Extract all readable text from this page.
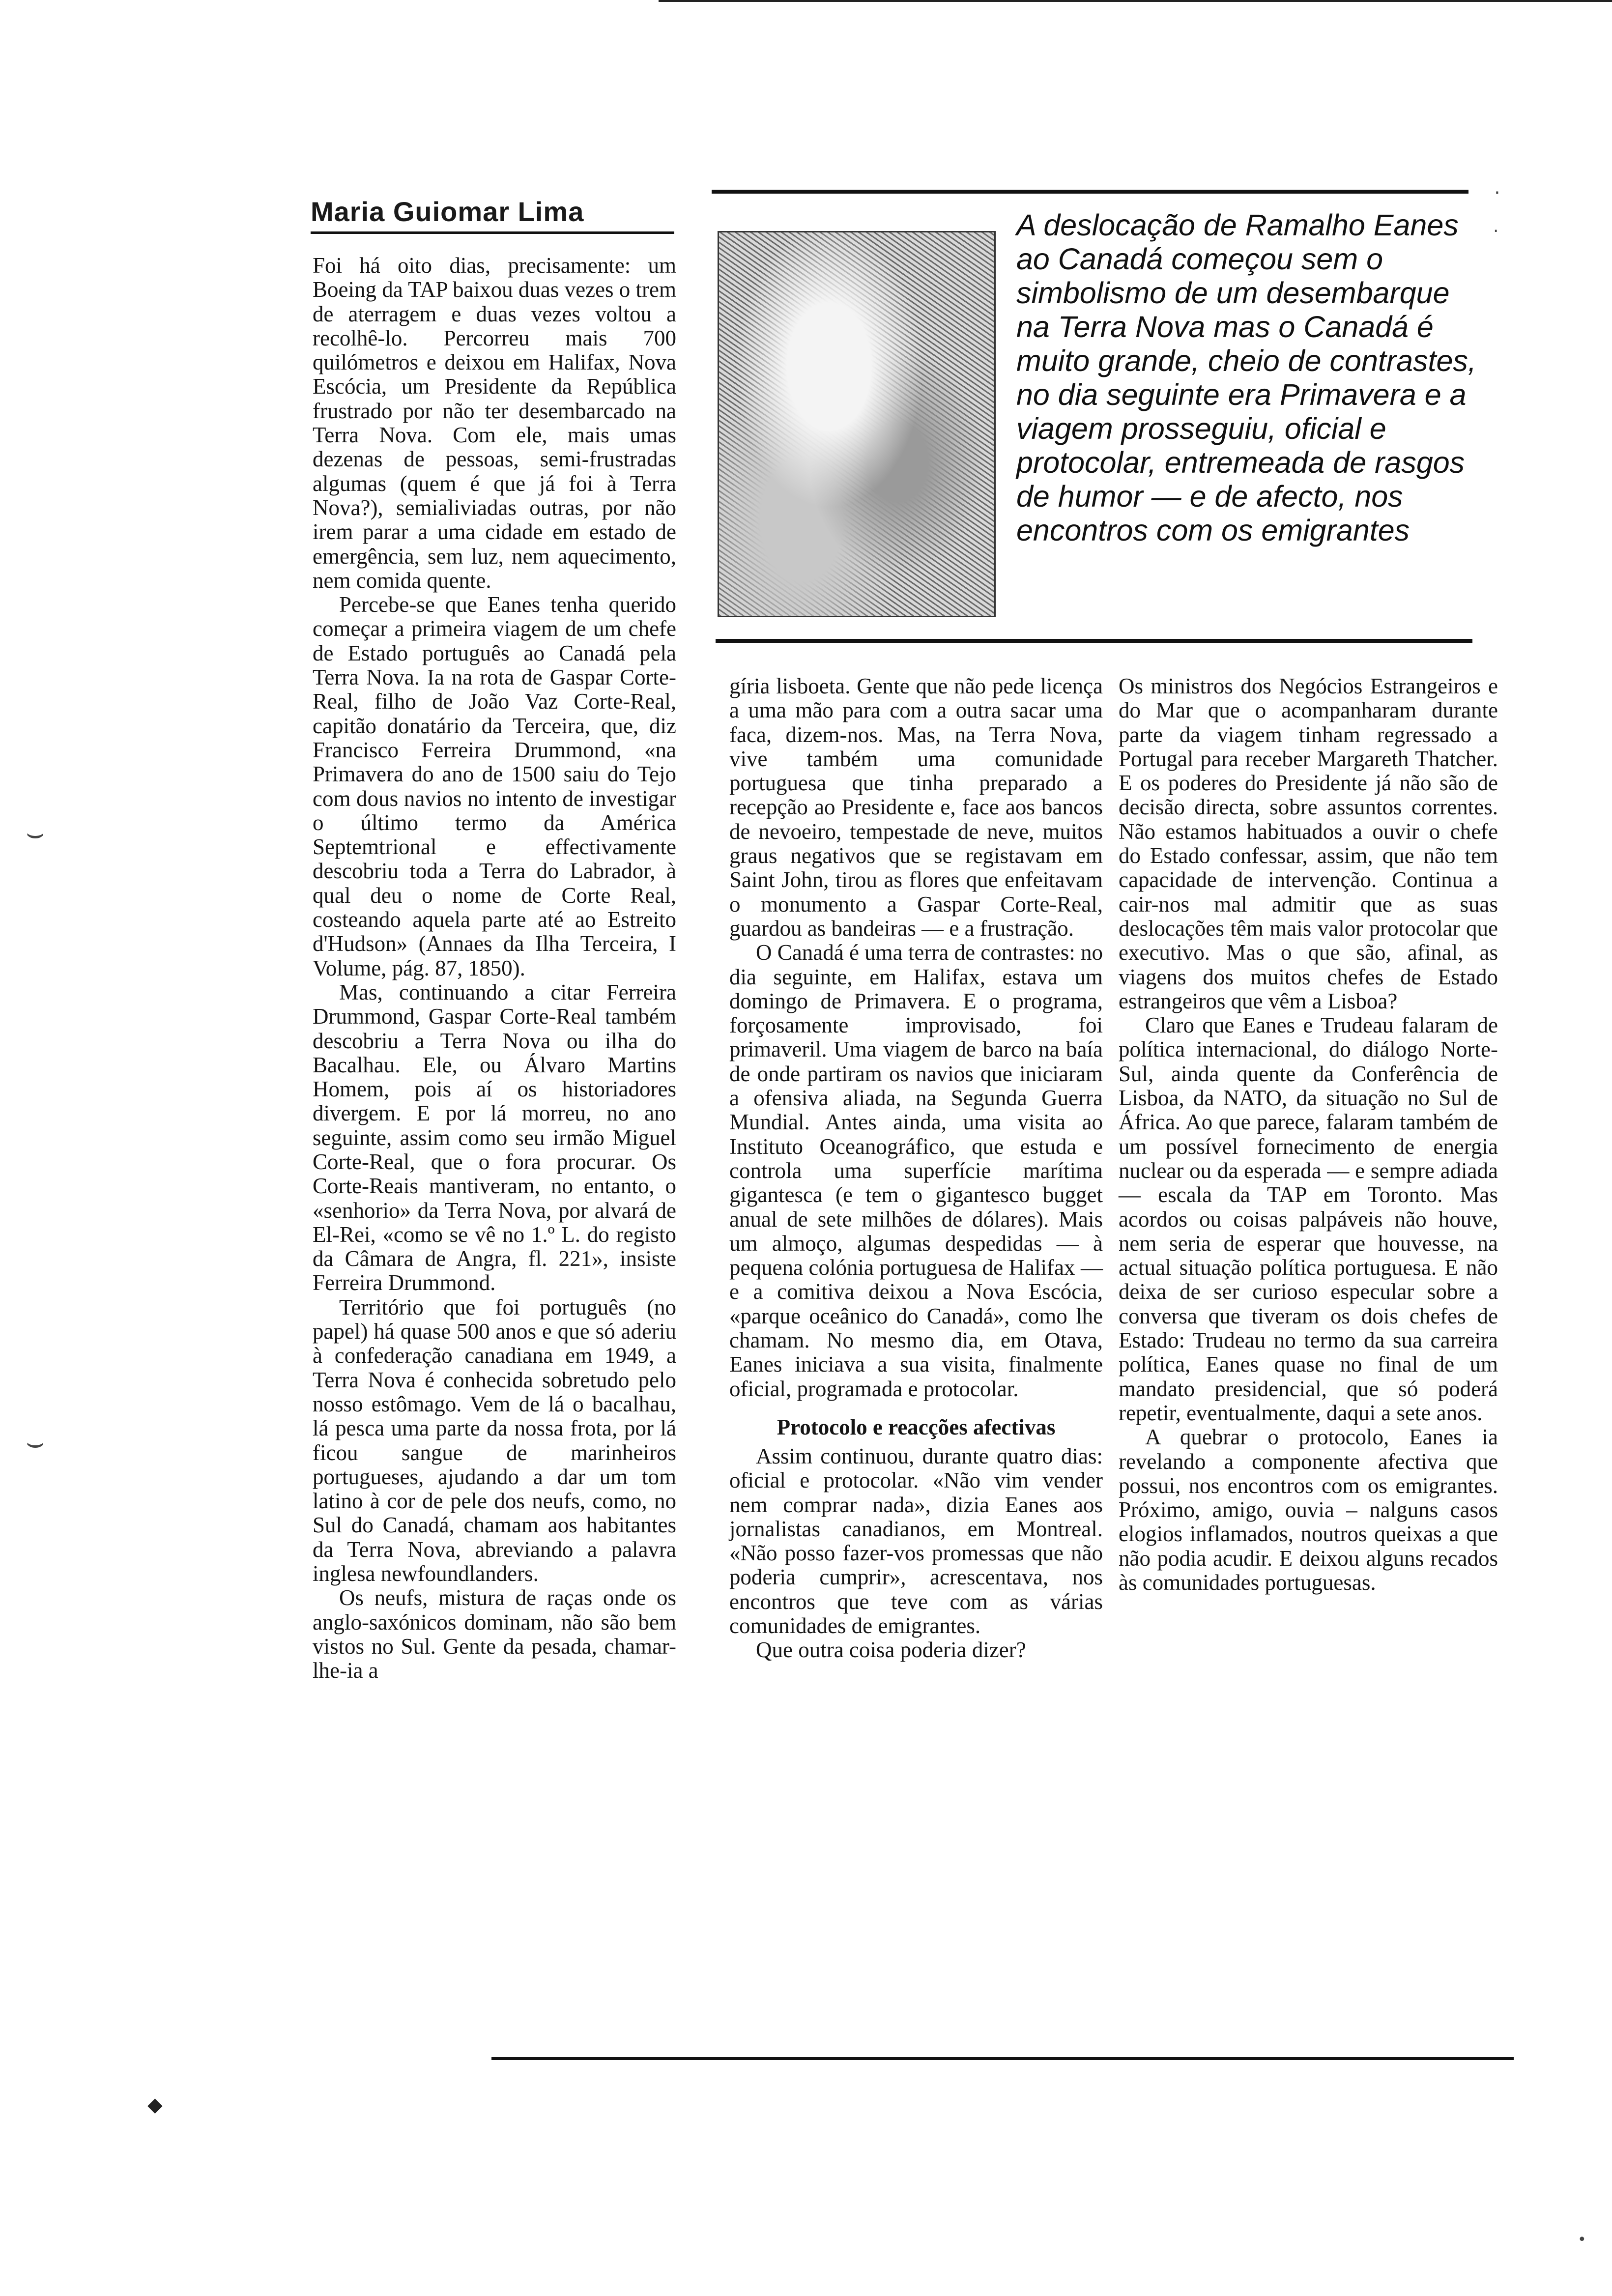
Maria Guiomar Lima	A deslocação de Ramalho Eanes ao Canadá começou sem o simbolismo de um desembarque na Terra Nova mas o Canadá é muito grande, cheio de contrastes, no dia seguinte era Primavera e a viagem prosseguiu, oficial e protocolar, entremeada de rasgos de humor — e de afecto, nos encontros com os emigrantes

Foi há oito dias, precisamente: um Boeing da TAP baixou duas vezes o trem de aterragem e duas vezes voltou a recolhê-lo. Percorreu mais 700 quilómetros e deixou em Halifax, Nova Escócia, um Presidente da República frustrado por não ter desembarcado na Terra Nova. Com ele, mais umas dezenas de pessoas, semi-frustradas algumas (quem é que já foi à Terra Nova?), semialiviadas outras, por não irem parar a uma cidade em estado de emergência, sem luz, nem aquecimento, nem comida quente.

Percebe-se que Eanes tenha querido começar a primeira viagem de um chefe de Estado português ao Canadá pela Terra Nova. Ia na rota de Gaspar Corte-Real, filho de João Vaz Corte-Real, capitão donatário da Terceira, que, diz Francisco Ferreira Drummond, «na Primavera do ano de 1500 saiu do Tejo com dous navios no intento de investigar o último termo da América Septemtrional e effectivamente descobriu toda a Terra do Labrador, à qual deu o nome de Corte Real, costeando aquela parte até ao Estreito d'Hudson» (Annaes da Ilha Terceira, I Volume, pág. 87, 1850).

Mas, continuando a citar Ferreira Drummond, Gaspar Corte-Real também descobriu a Terra Nova ou ilha do Bacalhau. Ele, ou Álvaro Martins Homem, pois aí os historiadores divergem. E por lá morreu, no ano seguinte, assim como seu irmão Miguel Corte-Real, que o fora procurar. Os Corte-Reais mantiveram, no entanto, o «senhorio» da Terra Nova, por alvará de El-Rei, «como se vê no 1.º L. do registo da Câmara de Angra, fl. 221», insiste Ferreira Drummond.

Território que foi português (no papel) há quase 500 anos e que só aderiu à confederação canadiana em 1949, a Terra Nova é conhecida sobretudo pelo nosso estômago. Vem de lá o bacalhau, lá pesca uma parte da nossa frota, por lá ficou sangue de marinheiros portugueses, ajudando a dar um tom latino à cor de pele dos neufs, como, no Sul do Canadá, chamam aos habitantes da Terra Nova, abreviando a palavra inglesa newfoundlanders.

Os neufs, mistura de raças onde os anglo-saxónicos dominam, não são bem vistos no Sul. Gente da pesada, chamar-lhe-ia a

gíria lisboeta. Gente que não pede licença a uma mão para com a outra sacar uma faca, dizem-nos. Mas, na Terra Nova, vive também uma comunidade portuguesa que tinha preparado a recepção ao Presidente e, face aos bancos de nevoeiro, tempestade de neve, muitos graus negativos que se registavam em Saint John, tirou as flores que enfeitavam o monumento a Gaspar Corte-Real, guardou as bandeiras — e a frustração.

O Canadá é uma terra de contrastes: no dia seguinte, em Halifax, estava um domingo de Primavera. E o programa, forçosamente improvisado, foi primaveril. Uma viagem de barco na baía de onde partiram os navios que iniciaram a ofensiva aliada, na Segunda Guerra Mundial. Antes ainda, uma visita ao Instituto Oceanográfico, que estuda e controla uma superfície marítima gigantesca (e tem o gigantesco bugget anual de sete milhões de dólares). Mais um almoço, algumas despedidas — à pequena colónia portuguesa de Halifax — e a comitiva deixou a Nova Escócia, «parque oceânico do Canadá», como lhe chamam. No mesmo dia, em Otava, Eanes iniciava a sua visita, finalmente oficial, programada e protocolar.

Protocolo e reacções afectivas

Assim continuou, durante quatro dias: oficial e protocolar. «Não vim vender nem comprar nada», dizia Eanes aos jornalistas canadianos, em Montreal. «Não posso fazer-vos promessas que não poderia cumprir», acrescentava, nos encontros que teve com as várias comunidades de emigrantes.

Que outra coisa poderia dizer?

Os ministros dos Negócios Estrangeiros e do Mar que o acompanharam durante parte da viagem tinham regressado a Portugal para receber Margareth Thatcher. E os poderes do Presidente já não são de decisão directa, sobre assuntos correntes. Não estamos habituados a ouvir o chefe do Estado confessar, assim, que não tem capacidade de intervenção. Continua a cair-nos mal admitir que as suas deslocações têm mais valor protocolar que executivo. Mas o que são, afinal, as viagens dos muitos chefes de Estado estrangeiros que vêm a Lisboa?

Claro que Eanes e Trudeau falaram de política internacional, do diálogo Norte-Sul, ainda quente da Conferência de Lisboa, da NATO, da situação no Sul de África. Ao que parece, falaram também de um possível fornecimento de energia nuclear ou da esperada — e sempre adiada — escala da TAP em Toronto. Mas acordos ou coisas palpáveis não houve, nem seria de esperar que houvesse, na actual situação política portuguesa. E não deixa de ser curioso especular sobre a conversa que tiveram os dois chefes de Estado: Trudeau no termo da sua carreira política, Eanes quase no final de um mandato presidencial, que só poderá repetir, eventualmente, daqui a sete anos.

A quebrar o protocolo, Eanes ia revelando a componente afectiva que possui, nos encontros com os emigrantes. Próximo, amigo, ouvia – nalguns casos elogios inflamados, noutros queixas a que não podia acudir. E deixou alguns recados às comunidades portuguesas.

⌣
⌣
◆
·
·
•
